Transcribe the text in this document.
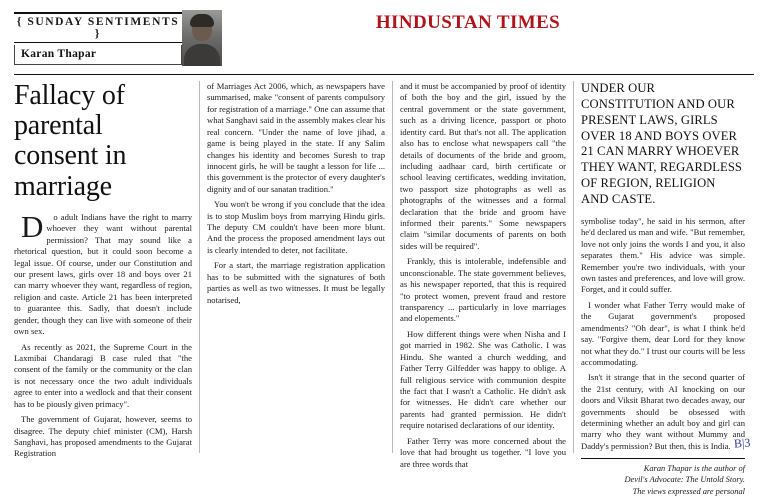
{ SUNDAY SENTIMENTS }
Karan Thapar
HINDUSTAN TIMES
Fallacy of parental
consent in marriage

D	o adult Indians have the right to marry whoever they want without parental permission? That may sound like a rhetorical question, but it could soon become a legal issue. Of course, under our Constitution and our present laws, girls over 18 and boys over 21 can marry whoever they want, regardless of region, religion and caste. Article 21 has been interpreted to guarantee this. Sadly, that doesn't include gender, though they can live with someone of their own sex.

As recently as 2021, the Supreme Court in the Laxmibai Chandaragi B case ruled that "the consent of the family or the community or the clan is not necessary once the two adult individuals agree to enter into a wedlock and that their consent has to be piously given primacy".

The government of Gujarat, however, seems to disagree. The deputy chief minister (CM), Harsh Sanghavi, has proposed amendments to the Gujarat Registration

of Marriages Act 2006, which, as newspapers have summarised, make "consent of parents compulsory for registration of a marriage." One can assume that what Sanghavi said in the assembly makes clear his real concern. "Under the name of love jihad, a game is being played in the state. If any Salim changes his identity and becomes Suresh to trap innocent girls, he will be taught a lesson for life ... this government is the protector of every daughter's dignity and of our sanatan tradition."

You won't be wrong if you conclude that the idea is to stop Muslim boys from marrying Hindu girls. The deputy CM couldn't have been more blunt. And the process the proposed amendment lays out is clearly intended to deter, not facilitate.

For a start, the marriage registration application has to be submitted with the signatures of both parties as well as two witnesses. It must be legally notarised,

and it must be accompanied by proof of identity of both the boy and the girl, issued by the central government or the state government, such as a driving licence, passport or photo identity card. But that's not all. The application also has to enclose what newspapers call "the details of documents of the bride and groom, including aadhaar card, birth certificate or school leaving certificates, wedding invitation, two passport size photographs as well as photographs of the witnesses and a formal declaration that the bride and groom have informed their parents." Some newspapers claim "similar documents of parents on both sides will be required".

Frankly, this is intolerable, indefensible and unconscionable. The state government believes, as his newspaper reported, that this is required "to protect women, prevent fraud and restore transparency ... particularly in love marriages and elopements."

How different things were when Nisha and I got married in 1982. She was Catholic. I was Hindu. She wanted a church wedding, and Father Terry Gilfedder was happy to oblige. A full religious service with communion despite the fact that I wasn't a Catholic. He didn't ask for witnesses. He didn't care whether our parents had granted permission. He didn't require notarised declarations of our identity.

Father Terry was more concerned about the love that had brought us together. "I love you are three words that

B|3
UNDER OUR CONSTITUTION AND OUR PRESENT LAWS, GIRLS OVER 18 AND BOYS OVER 21 CAN MARRY WHOEVER THEY WANT, REGARDLESS OF REGION, RELIGION AND CASTE.

symbolise today", he said in his sermon, after he'd declared us man and wife. "But remember, love not only joins the words I and you, it also separates them." His advice was simple. Remember you're two individuals, with your own tastes and preferences, and love will grow. Forget, and it could suffer.

I wonder what Father Terry would make of the Gujarat government's proposed amendments? "Oh dear", is what I think he'd say. "Forgive them, dear Lord for they know not what they do." I trust our courts will be less accommodating.

Isn't it strange that in the second quarter of the 21st century, with AI knocking on our doors and Viksit Bharat two decades away, our governments should be obsessed with determining whether an adult boy and girl can marry who they want without Mummy and Daddy's permission? But then, this is India.

Karan Thapar is the author of
Devil's Advocate: The Untold Story.
The views expressed are personal
